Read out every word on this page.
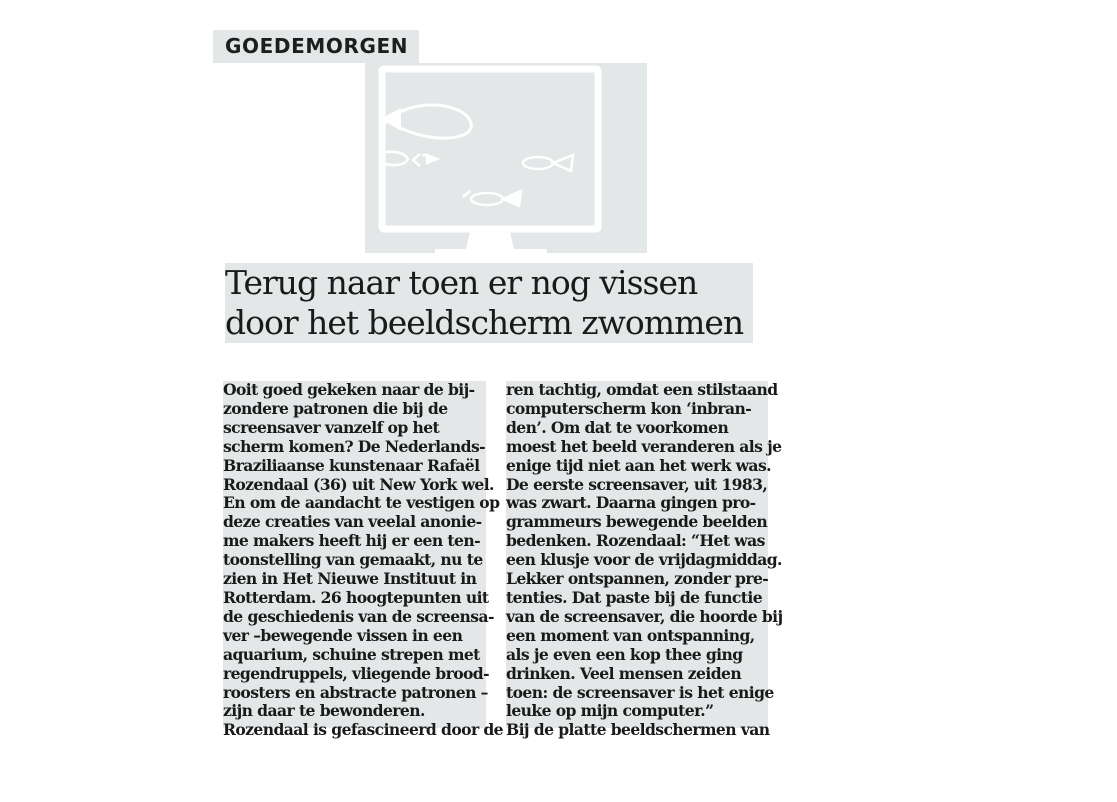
GOEDEMORGEN
Terug naar toen er nog vissen
door het beeldscherm zwommen
Ooit goed gekeken naar de bij-
zondere patronen die bij de
screensaver vanzelf op het
scherm komen? De Nederlands-
Braziliaanse kunstenaar Rafaël
Rozendaal (36) uit New York wel.
En om de aandacht te vestigen op
deze creaties van veelal anonie-
me makers heeft hij er een ten-
toonstelling van gemaakt, nu te
zien in Het Nieuwe Instituut in
Rotterdam. 26 hoogtepunten uit
de geschiedenis van de screensa-
ver –bewegende vissen in een
aquarium, schuine strepen met
regendruppels, vliegende brood-
roosters en abstracte patronen –
zijn daar te bewonderen.
Rozendaal is gefascineerd door de
ren tachtig, omdat een stilstaand
computerscherm kon ‘inbran-
den’. Om dat te voorkomen
moest het beeld veranderen als je
enige tijd niet aan het werk was.
De eerste screensaver, uit 1983,
was zwart. Daarna gingen pro-
grammeurs bewegende beelden
bedenken. Rozendaal: “Het was
een klusje voor de vrijdagmiddag.
Lekker ontspannen, zonder pre-
tenties. Dat paste bij de functie
van de screensaver, die hoorde bij
een moment van ontspanning,
als je even een kop thee ging
drinken. Veel mensen zeiden
toen: de screensaver is het enige
leuke op mijn computer.”
Bij de platte beeldschermen van
